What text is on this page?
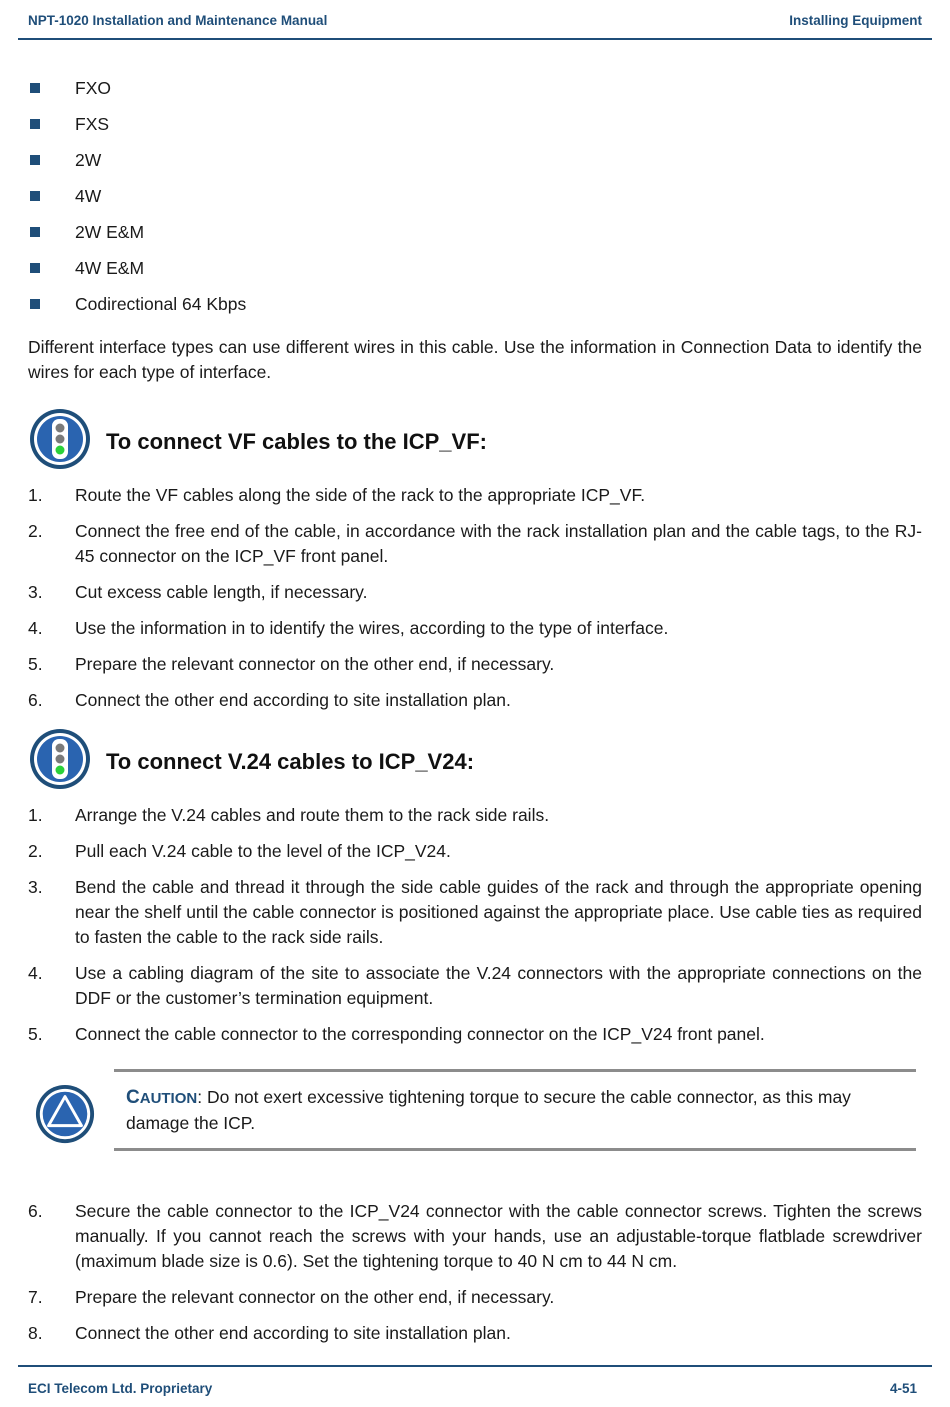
NPT-1020 Installation and Maintenance Manual	Installing Equipment
FXO
FXS
2W
4W
2W E&M
4W E&M
Codirectional 64 Kbps

Different interface types can use different wires in this cable. Use the information in Connection Data to identify the wires for each type of interface.

To connect VF cables to the ICP_VF:
1. Route the VF cables along the side of the rack to the appropriate ICP_VF.
2. Connect the free end of the cable, in accordance with the rack installation plan and the cable tags, to the RJ-45 connector on the ICP_VF front panel.
3. Cut excess cable length, if necessary.
4. Use the information in to identify the wires, according to the type of interface.
5. Prepare the relevant connector on the other end, if necessary.
6. Connect the other end according to site installation plan.
To connect V.24 cables to ICP_V24:
1. Arrange the V.24 cables and route them to the rack side rails.
2. Pull each V.24 cable to the level of the ICP_V24.
3. Bend the cable and thread it through the side cable guides of the rack and through the appropriate opening near the shelf until the cable connector is positioned against the appropriate place. Use cable ties as required to fasten the cable to the rack side rails.
4. Use a cabling diagram of the site to associate the V.24 connectors with the appropriate connections on the DDF or the customer’s termination equipment.
5. Connect the cable connector to the corresponding connector on the ICP_V24 front panel.
CAUTION: Do not exert excessive tightening torque to secure the cable connector, as this may damage the ICP.
6. Secure the cable connector to the ICP_V24 connector with the cable connector screws. Tighten the screws manually. If you cannot reach the screws with your hands, use an adjustable-torque flatblade screwdriver (maximum blade size is 0.6). Set the tightening torque to 40 N cm to 44 N cm.
7. Prepare the relevant connector on the other end, if necessary.
8. Connect the other end according to site installation plan.
ECI Telecom Ltd. Proprietary	4-51
